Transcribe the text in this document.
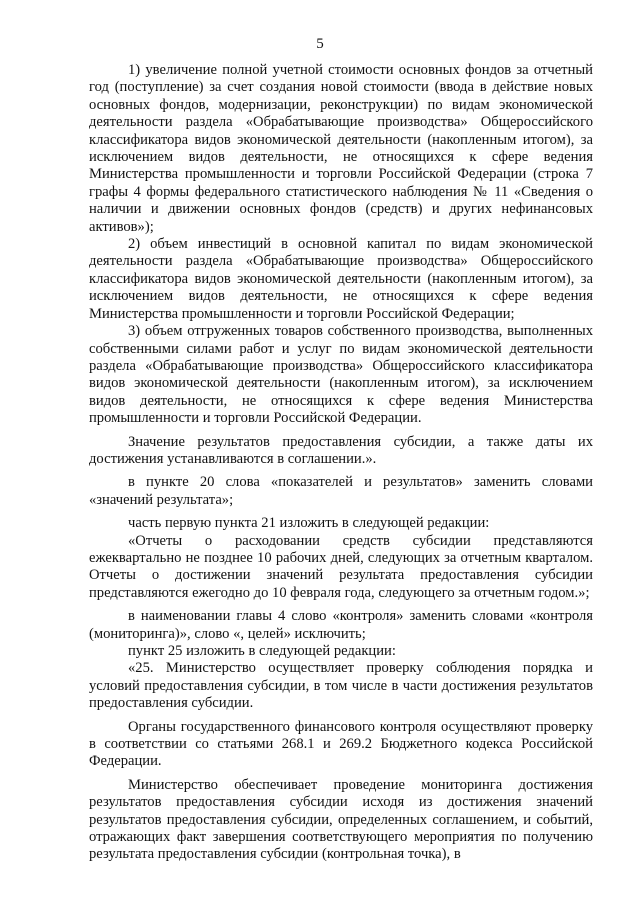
5

1) увеличение полной учетной стоимости основных фондов за отчетный год (поступление) за счет создания новой стоимости (ввода в действие новых основных фондов, модернизации, реконструкции) по видам экономической деятельности раздела «Обрабатывающие производства» Общероссийского классификатора видов экономической деятельности (накопленным итогом), за исключением видов деятельности, не относящихся к сфере ведения Министерства промышленности и торговли Российской Федерации (строка 7 графы 4 формы федерального статистического наблюдения № 11 «Сведения о наличии и движении основных фондов (средств) и других нефинансовых активов»);

2) объем инвестиций в основной капитал по видам экономической деятельности раздела «Обрабатывающие производства» Общероссийского классификатора видов экономической деятельности (накопленным итогом), за исключением видов деятельности, не относящихся к сфере ведения Министерства промышленности и торговли Российской Федерации;

3) объем отгруженных товаров собственного производства, выполненных собственными силами работ и услуг по видам экономической деятельности раздела «Обрабатывающие производства» Общероссийского классификатора видов экономической деятельности (накопленным итогом), за исключением видов деятельности, не относящихся к сфере ведения Министерства промышленности и торговли Российской Федерации.

Значение результатов предоставления субсидии, а также даты их достижения устанавливаются в соглашении.».

в пункте 20 слова «показателей и результатов» заменить словами «значений результата»;

часть первую пункта 21 изложить в следующей редакции:

«Отчеты о расходовании средств субсидии представляются ежеквартально не позднее 10 рабочих дней, следующих за отчетным кварталом. Отчеты о достижении значений результата предоставления субсидии представляются ежегодно до 10 февраля года, следующего за отчетным годом.»;

в наименовании главы 4 слово «контроля» заменить словами «контроля (мониторинга)», слово «, целей» исключить;

пункт 25 изложить в следующей редакции:

«25. Министерство осуществляет проверку соблюдения порядка и условий предоставления субсидии, в том числе в части достижения результатов предоставления субсидии.

Органы государственного финансового контроля осуществляют проверку в соответствии со статьями 268.1 и 269.2 Бюджетного кодекса Российской Федерации.

Министерство обеспечивает проведение мониторинга достижения результатов предоставления субсидии исходя из достижения значений результатов предоставления субсидии, определенных соглашением, и событий, отражающих факт завершения соответствующего мероприятия по получению результата предоставления субсидии (контрольная точка), в
